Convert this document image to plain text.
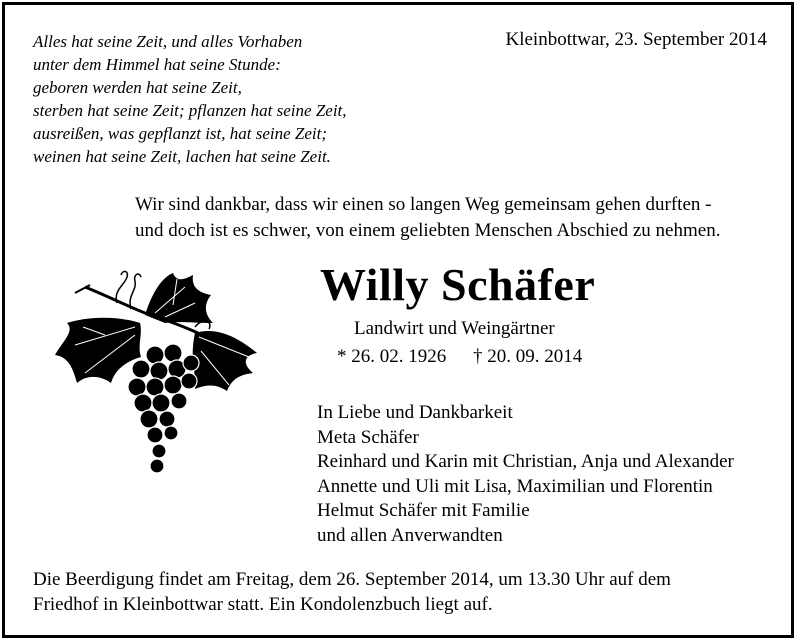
Alles hat seine Zeit, und alles Vorhaben
unter dem Himmel hat seine Stunde:
geboren werden hat seine Zeit,
sterben hat seine Zeit; pflanzen hat seine Zeit,
ausreißen, was gepflanzt ist, hat seine Zeit;
weinen hat seine Zeit, lachen hat seine Zeit.
Kleinbottwar, 23. September 2014
Wir sind dankbar, dass wir einen so langen Weg gemeinsam gehen durften -
und doch ist es schwer, von einem geliebten Menschen Abschied zu nehmen.
Willy Schäfer
Landwirt und Weingärtner
* 26. 02. 1926 † 20. 09. 2014
In Liebe und Dankbarkeit
Meta Schäfer
Reinhard und Karin mit Christian, Anja und Alexander
Annette und Uli mit Lisa, Maximilian und Florentin
Helmut Schäfer mit Familie
und allen Anverwandten
Die Beerdigung findet am Freitag, dem 26. September 2014, um 13.30 Uhr auf dem
Friedhof in Kleinbottwar statt. Ein Kondolenzbuch liegt auf.
